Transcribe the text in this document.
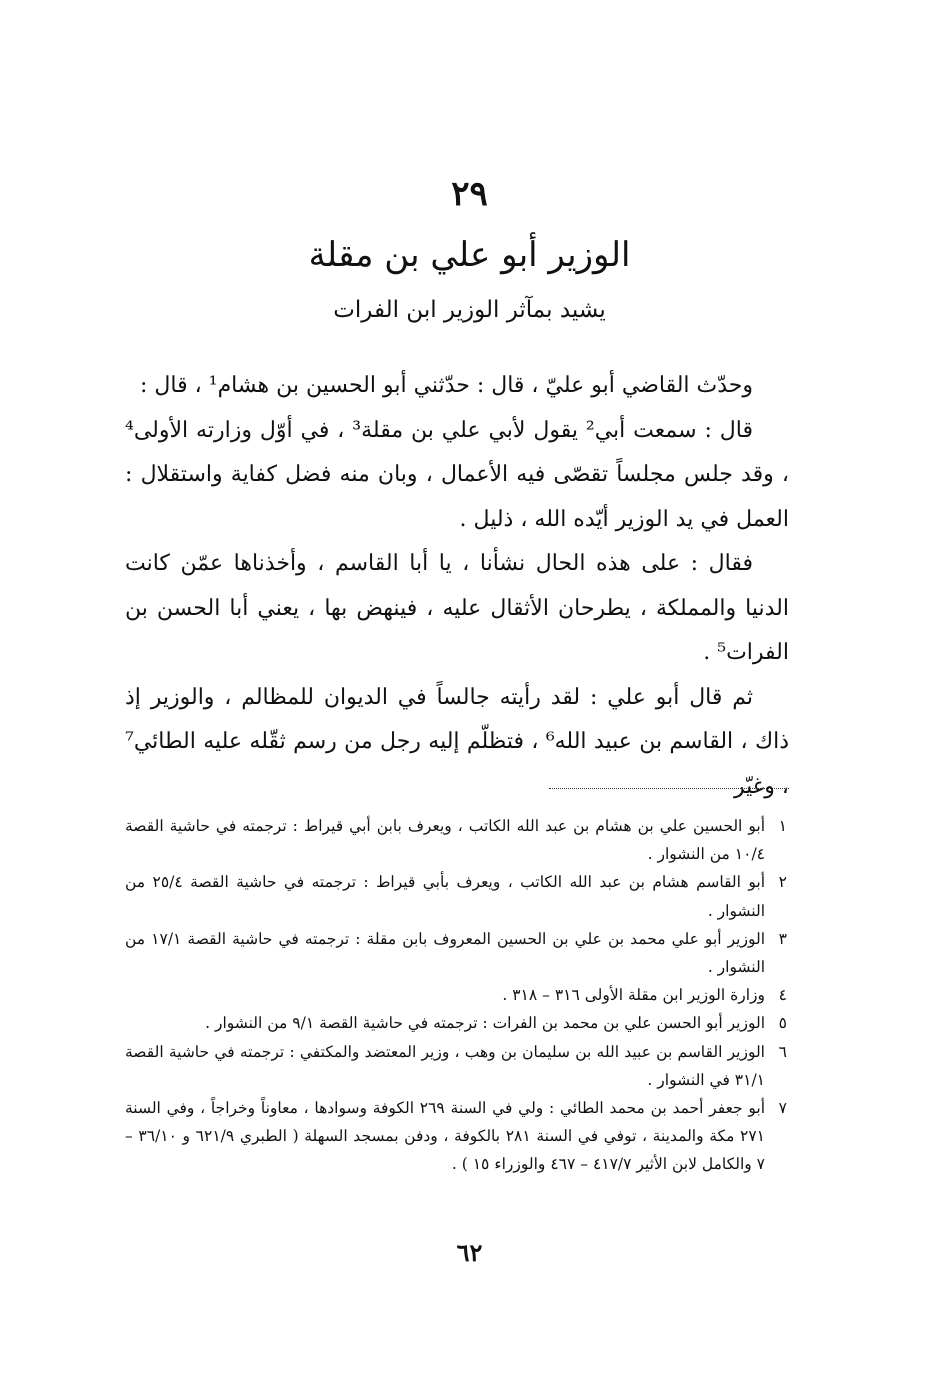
٢٩
الوزير أبو علي بن مقلة
يشيد بمآثر الوزير ابن الفرات

وحدّث القاضي أبو عليّ ، قال : حدّثني أبو الحسين بن هشام¹ ، قال :

قال : سمعت أبي² يقول لأبي علي بن مقلة³ ، في أوّل وزارته الأولى⁴ ، وقد جلس مجلساً تقصّى فيه الأعمال ، وبان منه فضل كفاية واستقلال : العمل في يد الوزير أيّده الله ، ذليل .

فقال : على هذه الحال نشأنا ، يا أبا القاسم ، وأخذناها عمّن كانت الدنيا والمملكة ، يطرحان الأثقال عليه ، فينهض بها ، يعني أبا الحسن بن الفرات⁵ .

ثم قال أبو علي : لقد رأيته جالساً في الديوان للمظالم ، والوزير إذ ذاك ، القاسم بن عبيد الله⁶ ، فتظلّم إليه رجل من رسم ثقّله عليه الطائي⁷ ، وغيّر

١
أبو الحسين علي بن هشام بن عبد الله الكاتب ، ويعرف بابن أبي قيراط : ترجمته في حاشية القصة ١٠/٤ من النشوار .
٢
أبو القاسم هشام بن عبد الله الكاتب ، ويعرف بأبي قيراط : ترجمته في حاشية القصة ٢٥/٤ من النشوار .
٣
الوزير أبو علي محمد بن علي بن الحسين المعروف بابن مقلة : ترجمته في حاشية القصة ١٧/١ من النشوار .
٤
وزارة الوزير ابن مقلة الأولى ٣١٦ – ٣١٨ .
٥
الوزير أبو الحسن علي بن محمد بن الفرات : ترجمته في حاشية القصة ٩/١ من النشوار .
٦
الوزير القاسم بن عبيد الله بن سليمان بن وهب ، وزير المعتضد والمكتفي : ترجمته في حاشية القصة ٣١/١ في النشوار .
٧
أبو جعفر أحمد بن محمد الطائي : ولي في السنة ٢٦٩ الكوفة وسوادها ، معاوناً وخراجاً ، وفي السنة ٢٧١ مكة والمدينة ، توفي في السنة ٢٨١ بالكوفة ، ودفن بمسجد السهلة ( الطبري ٦٢١/٩ و ٣٦/١٠ – ٧ والكامل لابن الأثير ٤١٧/٧ – ٤٦٧ والوزراء ١٥ ) .
٦٢
